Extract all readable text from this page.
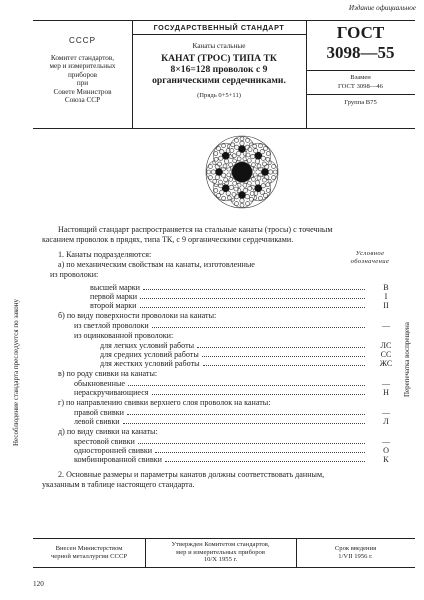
Издание официальное
СССР
Комитет стандартов,
мер и измерительных
приборов
при
Совете Министров
Союза ССР
ГОСУДАРСТВЕННЫЙ СТАНДАРТ
Канаты стальные
КАНАТ (ТРОС) ТИПА ТК
8×16=128 проволок с 9
органическими сердечниками.
(Прядь 0+5+11)
ГОСТ
3098—55
Взамен
ГОСТ 3098—46
Группа В75
Несоблюдение стандарта преследуется по закону	Перепечатка воспрещена
Настоящий стандарт распространяется на стальные канаты (тросы) с точечным
касанием проволок в прядях, типа ТК, с 9 органическими сердечниками.
1. Канаты подразделяются:	Условное
обозначение
а) по механическим свойствам на канаты, изготовленные
из проволоки:
высшей марки	В
первой марки	I
второй марки	II
для легких условий работы	ЛС
для средних условий работы	СС
для жестких условий работы	ЖС
обыкновенные	—
нераскручивающиеся	Н
правой свивки	—
левой свивки	Л
крестовой свивки	—
односторонней свивки	О
комбинированной свивки	К
б) по виду поверхности проволоки на канаты:
из светлой проволоки	—
из оцинкованной проволоки:
в) по роду свивки на канаты:
г) по направлению свивки верхнего слоя проволок на канаты:
д) по виду свивки на канаты:
2. Основные размеры и параметры канатов должны соответствовать данным,
указанным в таблице настоящего стандарта.
Внесен Министерством
черной металлургии СССР
Утвержден Комитетом стандартов,
мер и измерительных приборов
10/X 1955 г.
Срок введения
1/VII 1956 г.
120
